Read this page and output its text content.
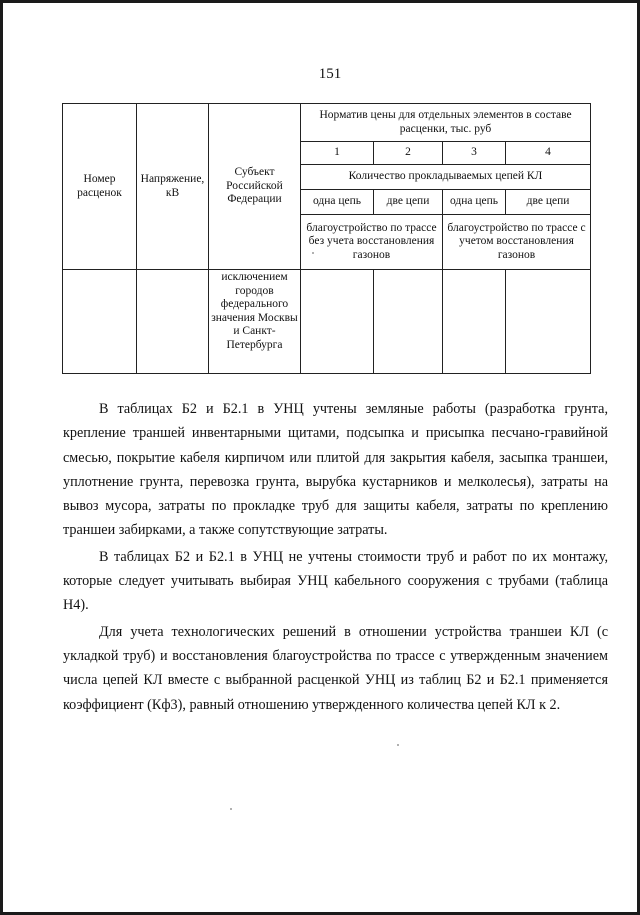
151
Номер расценок	Напряжение, кВ	Субъект Российской Федерации	Норматив цены для отдельных элементов в составе расценки, тыс. руб			
			1	2	3	4
			Количество прокладываемых цепей КЛ			
			одна цепь	две цепи	одна цепь	две цепи
			благоустройство по трассе без учета восстановления газонов		благоустройство по трассе с учетом восстановления газонов	
		исключением городов федерального значения Москвы и Санкт-Петербурга				

В таблицах Б2 и Б2.1 в УНЦ учтены земляные работы (разработка грунта, крепление траншей инвентарными щитами, подсыпка и присыпка песчано-гравийной смесью, покрытие кабеля кирпичом или плитой для закрытия кабеля, засыпка траншеи, уплотнение грунта, перевозка грунта, вырубка кустарников и мелколесья), затраты на вывоз мусора, затраты по прокладке труб для защиты кабеля, затраты по креплению траншеи забирками, а также сопутствующие затраты.

В таблицах Б2 и Б2.1 в УНЦ не учтены стоимости труб и работ по их монтажу, которые следует учитывать выбирая УНЦ кабельного сооружения с трубами (таблица Н4).

Для учета технологических решений в отношении устройства траншеи КЛ (с укладкой труб) и восстановления благоустройства по трассе с утвержденным значением числа цепей КЛ вместе с выбранной расценкой УНЦ из таблиц Б2 и Б2.1 применяется коэффициент (Кф3), равный отношению утвержденного количества цепей КЛ к 2.
